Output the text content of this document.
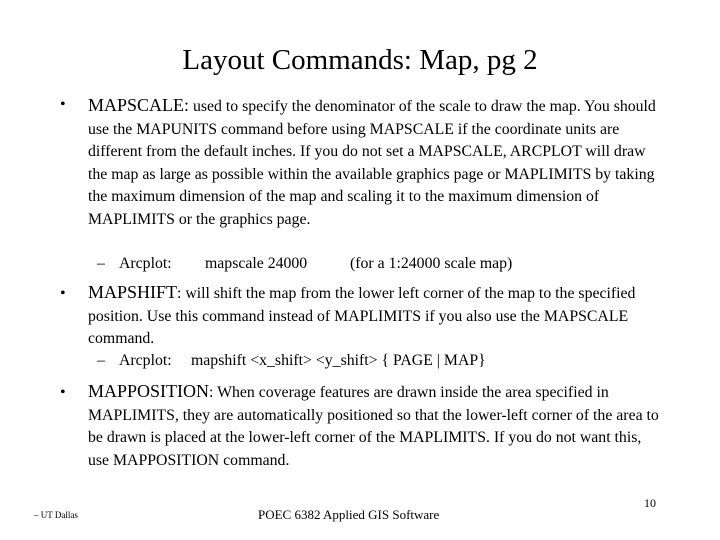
Layout Commands: Map, pg 2
• MAPSCALE: used to specify the denominator of the scale to draw the map. You should use the MAPUNITS command before using MAPSCALE if the coordinate units are different from the default inches. If you do not set a MAPSCALE, ARCPLOT will draw the map as large as possible within the available graphics page or MAPLIMITS by taking the maximum dimension of the map and scaling it to the maximum dimension of MAPLIMITS or the graphics page.
– Arcplot: mapscale 24000	(for a 1:24000 scale map)
• MAPSHIFT: will shift the map from the lower left corner of the map to the specified position. Use this command instead of MAPLIMITS if you also use the MAPSCALE command.
– Arcplot: mapshift <x_shift> <y_shift> { PAGE | MAP}
• MAPPOSITION: When coverage features are drawn inside the area specified in MAPLIMITS, they are automatically positioned so that the lower-left corner of the area to be drawn is placed at the lower-left corner of the MAPLIMITS. If you do not want this, use MAPPOSITION command.
– UT Dallas	POEC 6382 Applied GIS Software
10
